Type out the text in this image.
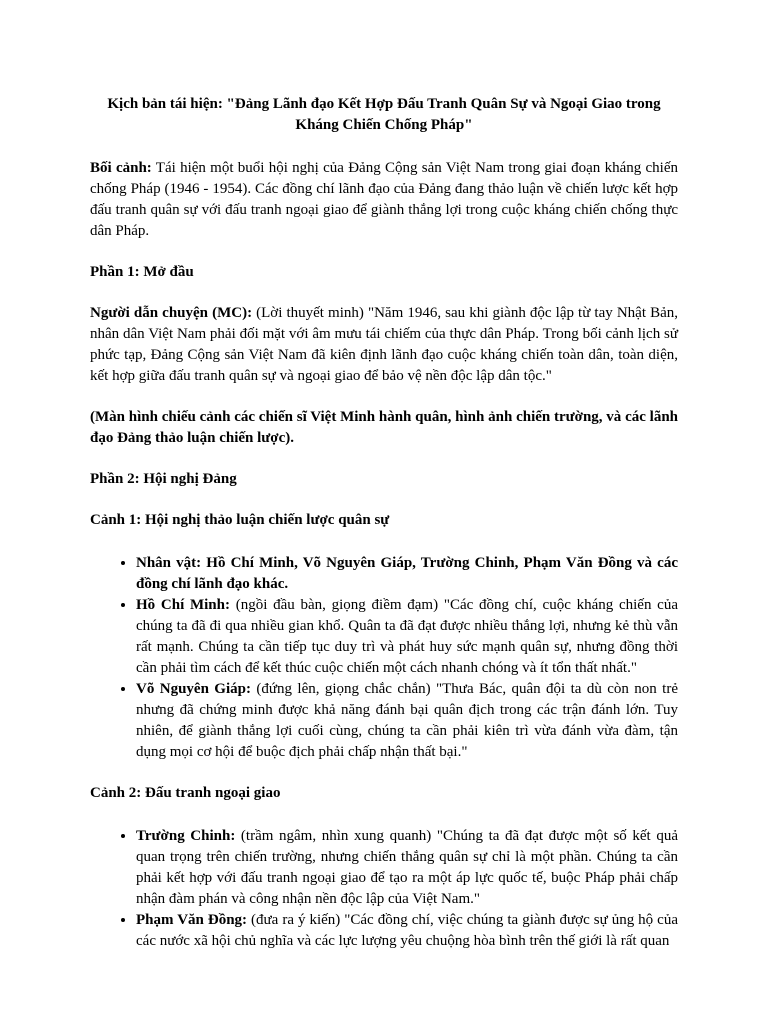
Kịch bản tái hiện: "Đảng Lãnh đạo Kết Hợp Đấu Tranh Quân Sự và Ngoại Giao trong Kháng Chiến Chống Pháp"

Bối cảnh: Tái hiện một buổi hội nghị của Đảng Cộng sản Việt Nam trong giai đoạn kháng chiến chống Pháp (1946 - 1954). Các đồng chí lãnh đạo của Đảng đang thảo luận về chiến lược kết hợp đấu tranh quân sự với đấu tranh ngoại giao để giành thắng lợi trong cuộc kháng chiến chống thực dân Pháp.

Phần 1: Mở đầu

Người dẫn chuyện (MC): (Lời thuyết minh) "Năm 1946, sau khi giành độc lập từ tay Nhật Bản, nhân dân Việt Nam phải đối mặt với âm mưu tái chiếm của thực dân Pháp. Trong bối cảnh lịch sử phức tạp, Đảng Cộng sản Việt Nam đã kiên định lãnh đạo cuộc kháng chiến toàn dân, toàn diện, kết hợp giữa đấu tranh quân sự và ngoại giao để bảo vệ nền độc lập dân tộc."

(Màn hình chiếu cảnh các chiến sĩ Việt Minh hành quân, hình ảnh chiến trường, và các lãnh đạo Đảng thảo luận chiến lược).

Phần 2: Hội nghị Đảng

Cảnh 1: Hội nghị thảo luận chiến lược quân sự

• Nhân vật: Hồ Chí Minh, Võ Nguyên Giáp, Trường Chinh, Phạm Văn Đồng và các đồng chí lãnh đạo khác.
• Hồ Chí Minh: (ngồi đầu bàn, giọng điềm đạm) "Các đồng chí, cuộc kháng chiến của chúng ta đã đi qua nhiều gian khổ. Quân ta đã đạt được nhiều thắng lợi, nhưng kẻ thù vẫn rất mạnh. Chúng ta cần tiếp tục duy trì và phát huy sức mạnh quân sự, nhưng đồng thời cần phải tìm cách để kết thúc cuộc chiến một cách nhanh chóng và ít tổn thất nhất."
• Võ Nguyên Giáp: (đứng lên, giọng chắc chắn) "Thưa Bác, quân đội ta dù còn non trẻ nhưng đã chứng minh được khả năng đánh bại quân địch trong các trận đánh lớn. Tuy nhiên, để giành thắng lợi cuối cùng, chúng ta cần phải kiên trì vừa đánh vừa đàm, tận dụng mọi cơ hội để buộc địch phải chấp nhận thất bại."

Cảnh 2: Đấu tranh ngoại giao

• Trường Chinh: (trầm ngâm, nhìn xung quanh) "Chúng ta đã đạt được một số kết quả quan trọng trên chiến trường, nhưng chiến thắng quân sự chỉ là một phần. Chúng ta cần phải kết hợp với đấu tranh ngoại giao để tạo ra một áp lực quốc tế, buộc Pháp phải chấp nhận đàm phán và công nhận nền độc lập của Việt Nam."
• Phạm Văn Đồng: (đưa ra ý kiến) "Các đồng chí, việc chúng ta giành được sự ủng hộ của các nước xã hội chủ nghĩa và các lực lượng yêu chuộng hòa bình trên thế giới là rất quan
